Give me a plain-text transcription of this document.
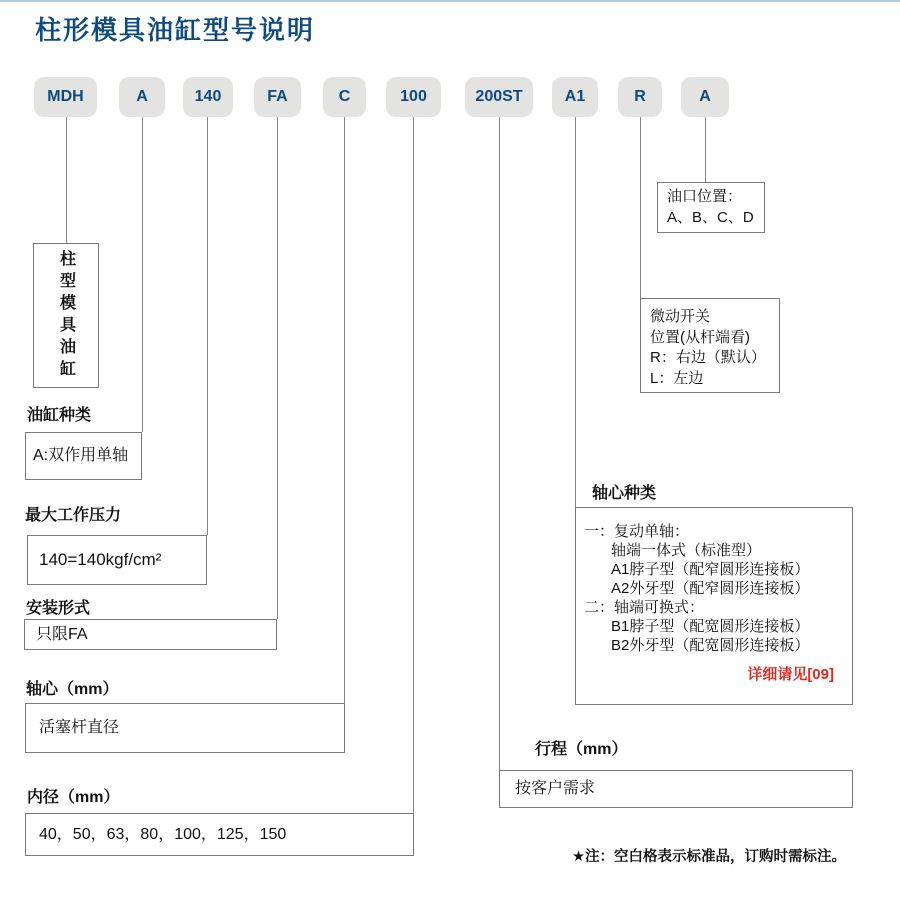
柱形模具油缸型号说明
MDH	A	140	FA	C	100	200ST	A1	R	A
柱型模具油缸
油缸种类
A:双作用单轴
最大工作压力
140=140kgf/cm²
安装形式
只限FA
轴心（mm）
活塞杆直径
内径（mm）
40，50，63，80，100，125，150
行程（mm）
按客户需求
轴心种类
一：复动单轴：
轴端一体式（标准型）
A1脖子型（配窄圆形连接板）
A2外牙型（配窄圆形连接板）
二：轴端可换式：
B1脖子型（配宽圆形连接板）
B2外牙型（配宽圆形连接板）
详细请见[09]
微动开关
位置(从杆端看)
R：右边（默认）
L：左边
油口位置：
A、B、C、D
★注：空白格表示标准品，订购时需标注。
